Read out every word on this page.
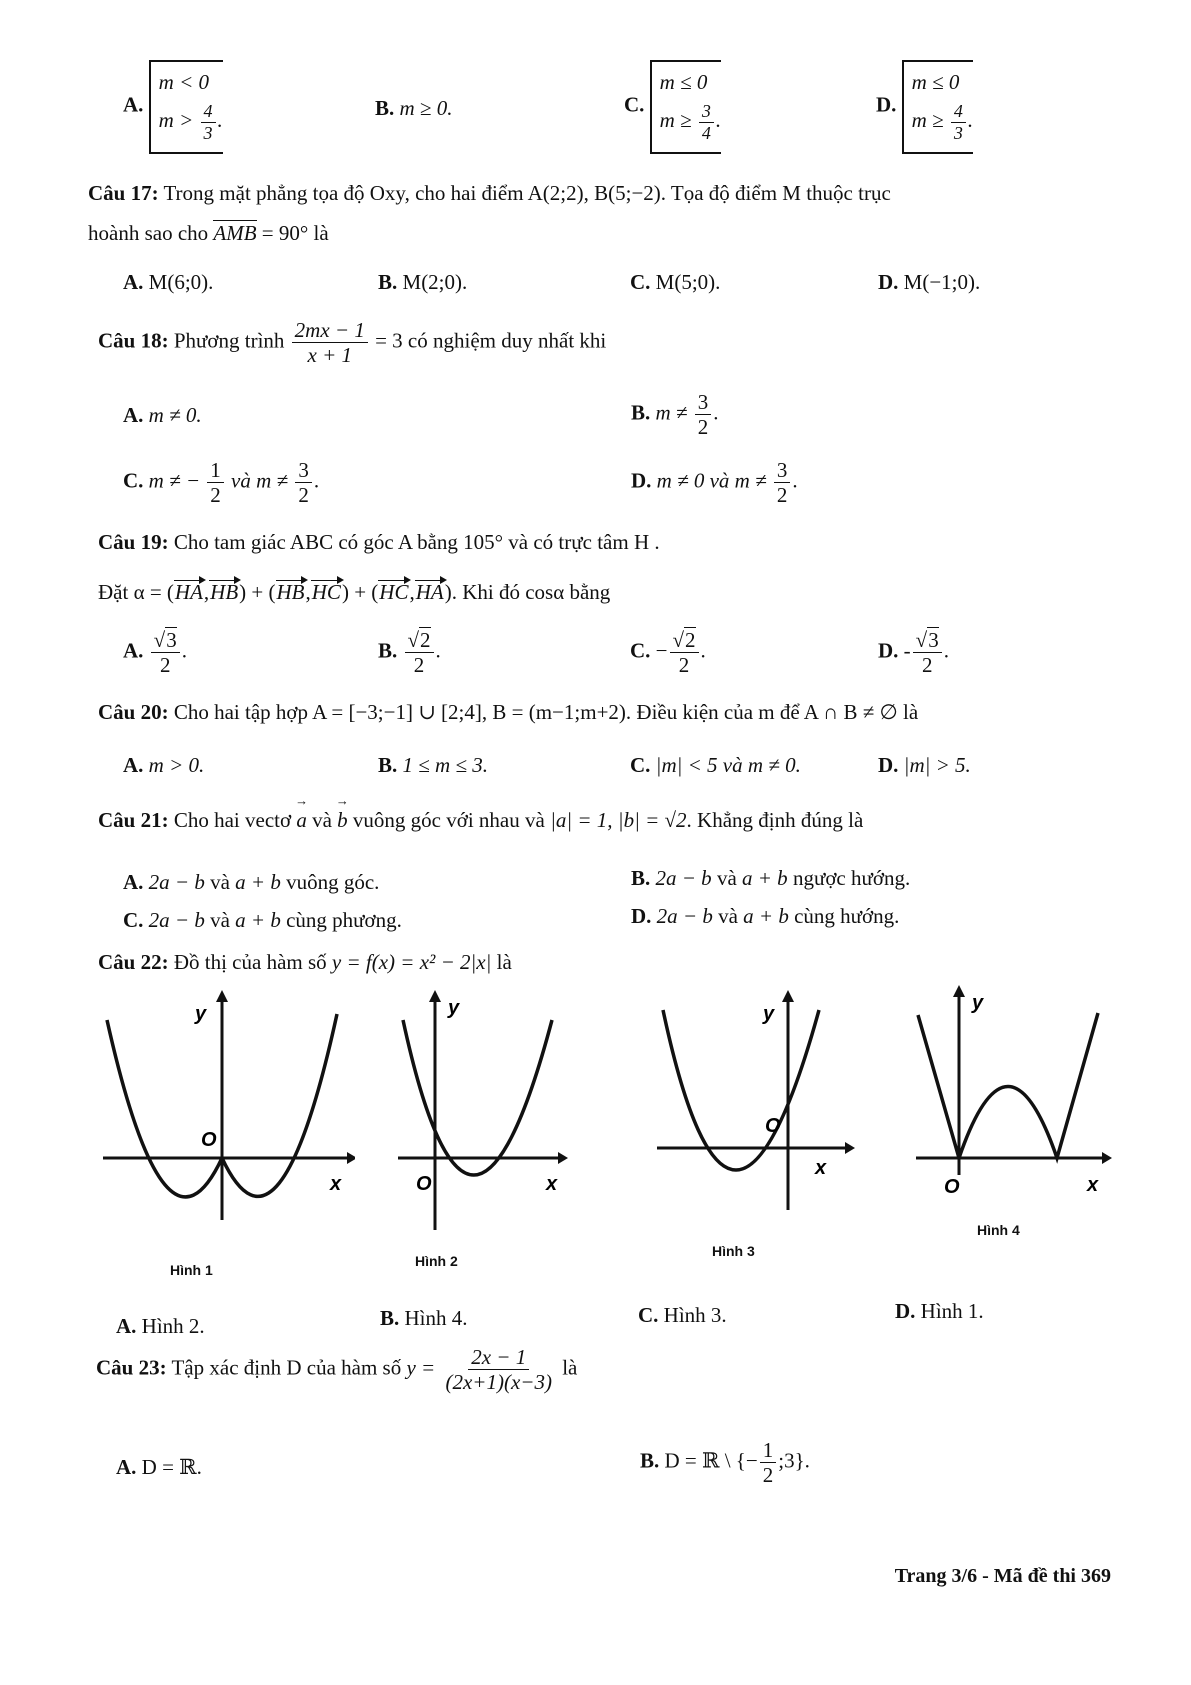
A.
m < 0
$m > \frac{4}{3}$ .
B. m ≥ 0.	C.
m ≤ 0
$m \ge \frac{3}{4}$ .
D.
m ≤ 0
$m \ge \frac{4}{3}$ .
Câu 17: Trong mặt phẳng tọa độ Oxy, cho hai điểm A(2;2), B(5;−2). Tọa độ điểm M thuộc trục
hoành sao cho AMB = 90° là
A. M(6;0).	B. M(2;0).	C. M(5;0).	D. M(−1;0).
Câu 18: Phương trình $\frac{2mx - 1}{x + 1} = 3$ có nghiệm duy nhất khi
A. m ≠ 0.	B. $m \ne \frac{3}{2}$ .
C. m ≠ − $\frac{1}{2}$ và $m \ne \frac{3}{2}$ .	D. m ≠ 0 và $m \ne \frac{3}{2}$ .
Câu 19: Cho tam giác ABC có góc A bằng 105° và có trực tâm H .
Đặt α = (HA,HB) + (HB,HC) + (HC,HA). Khi đó cosα bằng
A. $\frac{√3}{2}$ .	B. $\frac{√2}{2}$ .	C. − $\frac{√2}{2}$ .	D. - $\frac{√3}{2}$ .
Câu 20: Cho hai tập hợp A = [−3;−1] ∪ [2;4], B = (m−1;m+2). Điều kiện của m để A ∩ B ≠ ∅ là
A. m > 0.	B. 1 ≤ m ≤ 3.	C. |m| < 5 và m ≠ 0.	D. |m| > 5.
Câu 21: Cho hai vectơ → a và → b vuông góc với nhau và |a| = 1, |b| = √2. Khẳng định đúng là
A. 2a − b và a + b vuông góc.	B. 2a − b và a + b ngược hướng.
C. 2a − b và a + b cùng phương.	D. 2a − b và a + b cùng hướng.
Câu 22: Đồ thị của hàm số y = f(x) = x² − 2|x| là
y
O
x
Hình 1
y
O	x
Hình 2
y
O
x
Hình 3
y
O	x
Hình 4
A. Hình 2.	B. Hình 4.	C. Hình 3.	D. Hình 1.
Câu 23: Tập xác định D của hàm số $y = \frac{2x - 1}{(2x+1)(x-3)}$ là
A. D = ℝ.	B. D = ℝ \ {− $\frac{1}{2}$ ;3}.
Trang 3/6 - Mã đề thi 369
